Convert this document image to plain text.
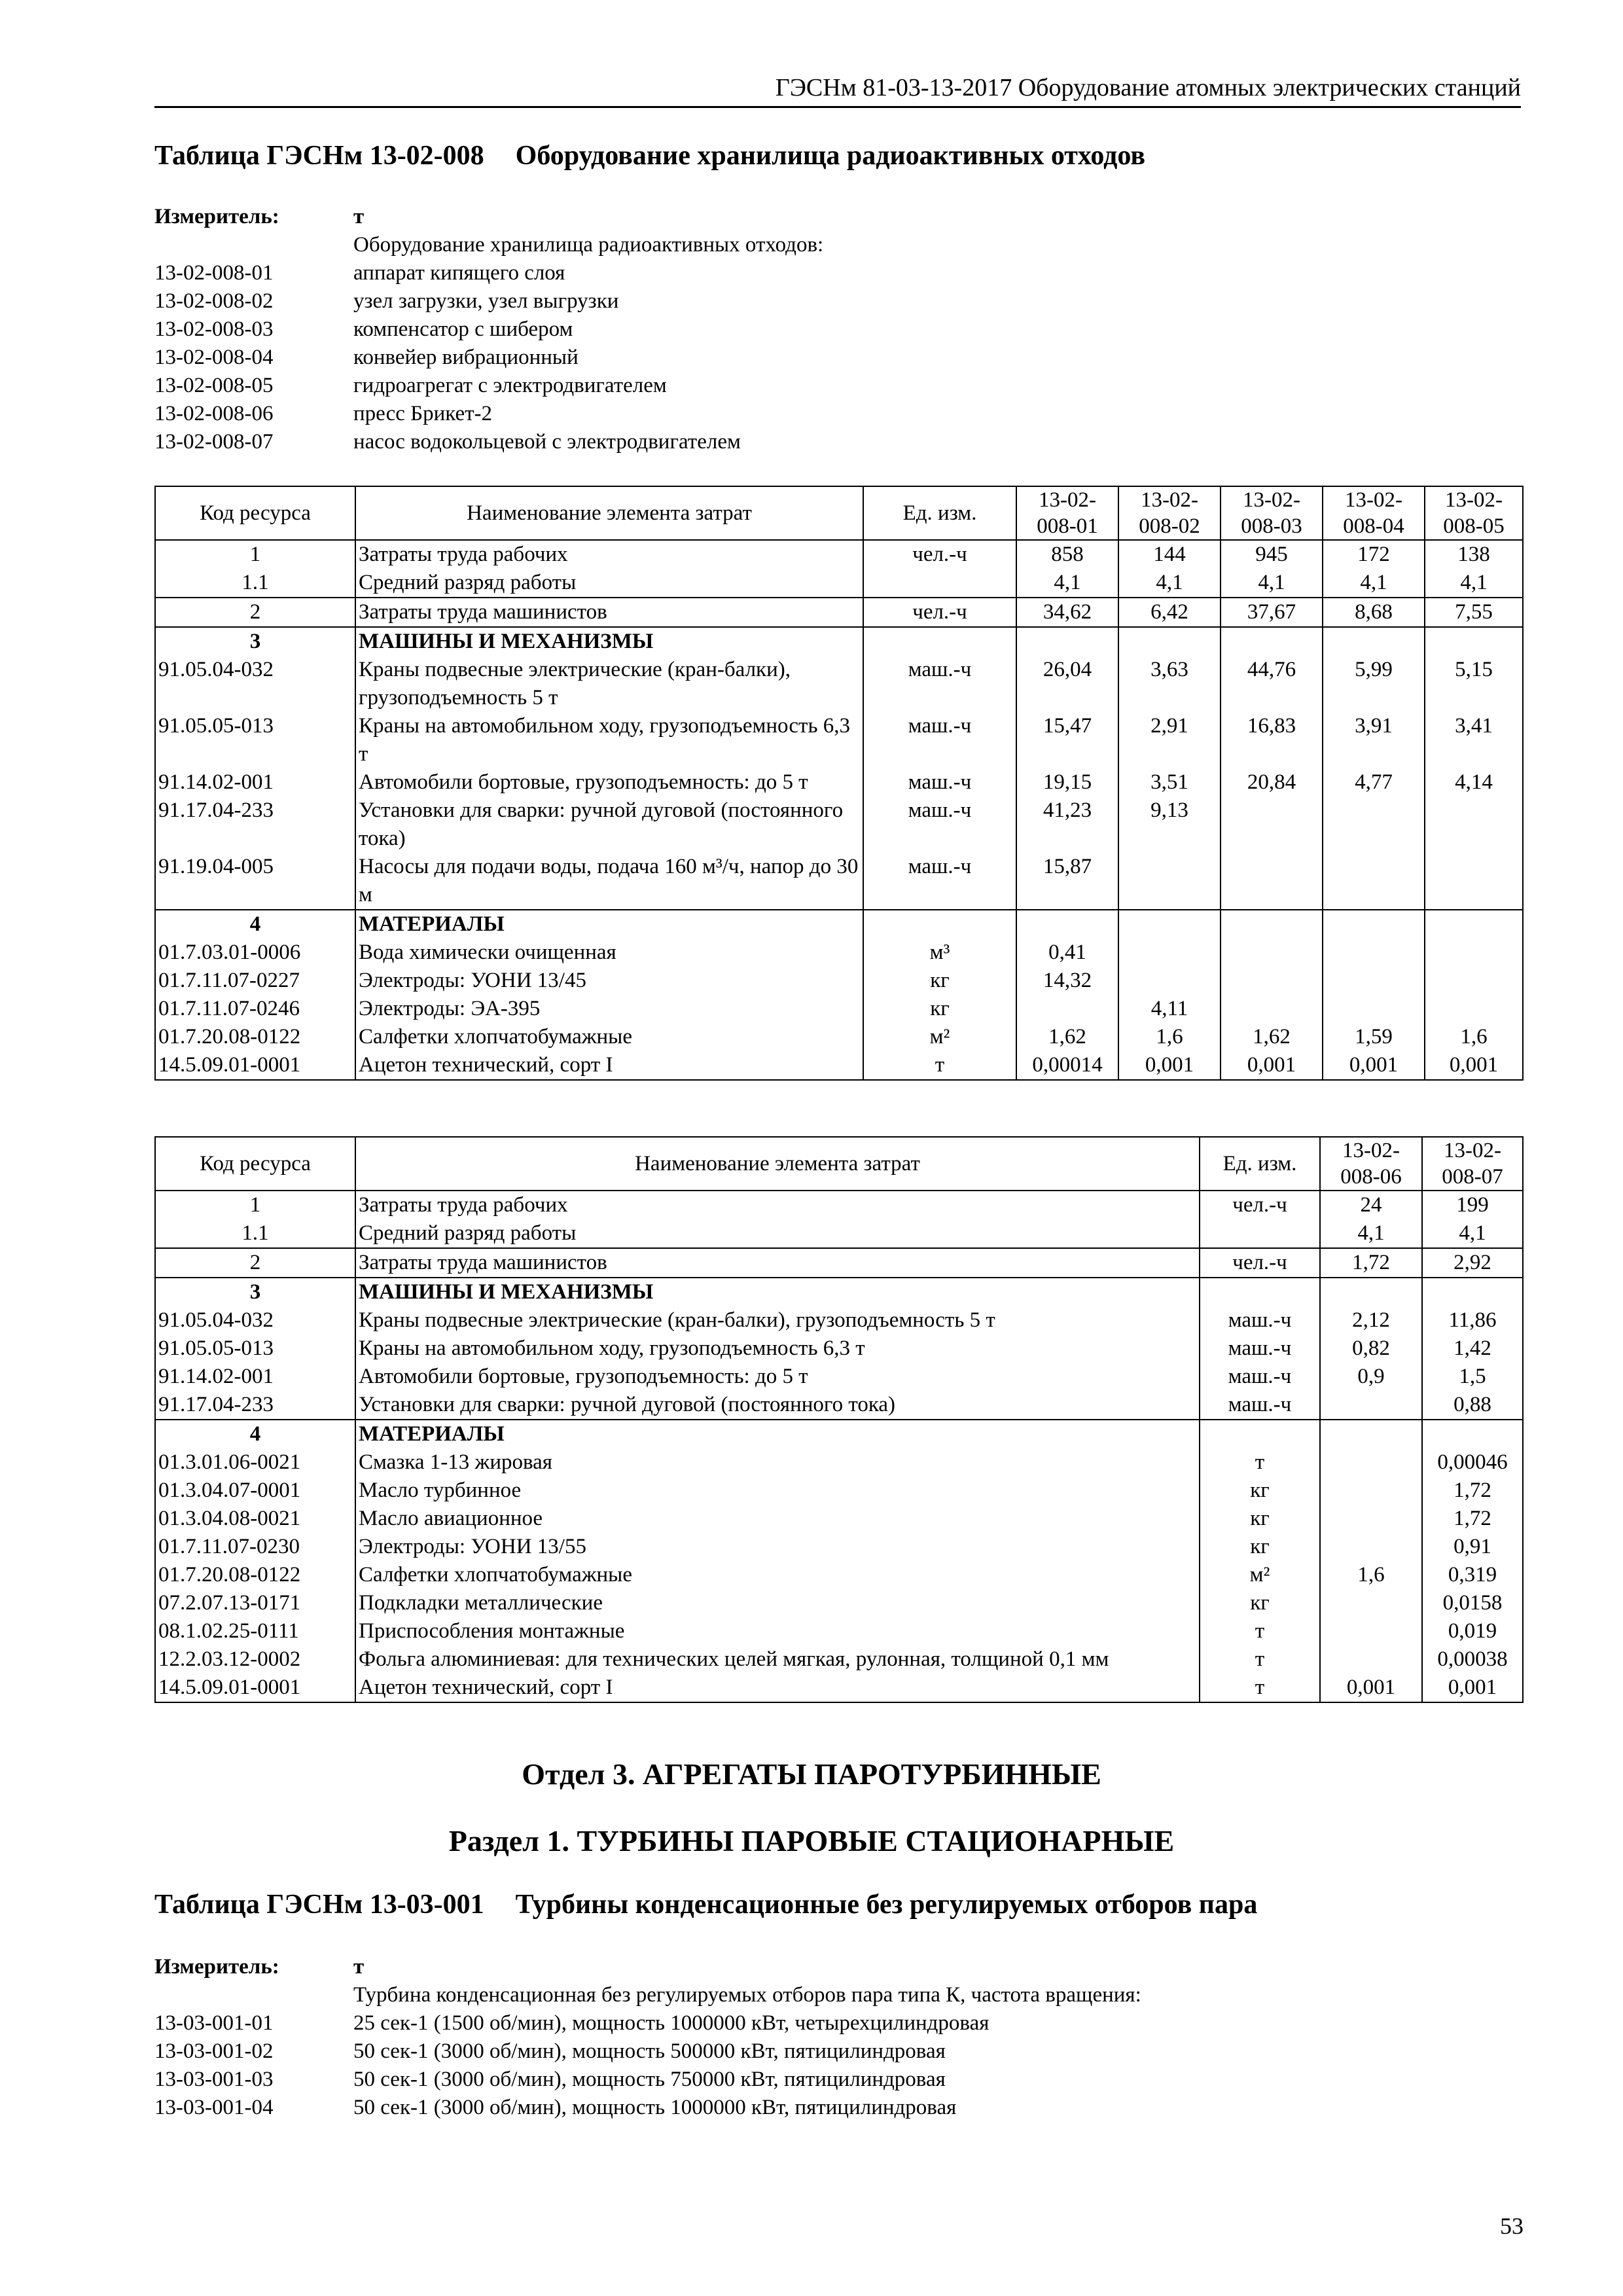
ГЭСНм 81-03-13-2017 Оборудование атомных электрических станций
Таблица ГЭСНм 13-02-008 Оборудование хранилища радиоактивных отходов
Измеритель:	т
Оборудование хранилища радиоактивных отходов:
13-02-008-01	аппарат кипящего слоя
13-02-008-02	узел загрузки, узел выгрузки
13-02-008-03	компенсатор с шибером
13-02-008-04	конвейер вибрационный
13-02-008-05	гидроагрегат с электродвигателем
13-02-008-06	пресс Брикет-2
13-02-008-07	насос водокольцевой с электродвигателем
Код ресурса	Наименование элемента затрат	Ед. изм.	13-02-008-01	13-02-008-02	13-02-008-03	13-02-008-04	13-02-008-05
1	Затраты труда рабочих	чел.-ч	858	144	945	172	138
1.1	Средний разряд работы		4,1	4,1	4,1	4,1	4,1
2	Затраты труда машинистов	чел.-ч	34,62	6,42	37,67	8,68	7,55
3	МАШИНЫ И МЕХАНИЗМЫ						
91.05.04-032	Краны подвесные электрические (кран-балки), грузоподъемность 5 т	маш.-ч	26,04	3,63	44,76	5,99	5,15
91.05.05-013	Краны на автомобильном ходу, грузоподъемность 6,3 т	маш.-ч	15,47	2,91	16,83	3,91	3,41
91.14.02-001	Автомобили бортовые, грузоподъемность: до 5 т	маш.-ч	19,15	3,51	20,84	4,77	4,14
91.17.04-233	Установки для сварки: ручной дуговой (постоянного тока)	маш.-ч	41,23	9,13			
91.19.04-005	Насосы для подачи воды, подача 160 м³/ч, напор до 30 м	маш.-ч	15,87				
4	МАТЕРИАЛЫ						
01.7.03.01-0006	Вода химически очищенная	м³	0,41				
01.7.11.07-0227	Электроды: УОНИ 13/45	кг	14,32				
01.7.11.07-0246	Электроды: ЭА-395	кг		4,11			
01.7.20.08-0122	Салфетки хлопчатобумажные	м²	1,62	1,6	1,62	1,59	1,6
14.5.09.01-0001	Ацетон технический, сорт I	т	0,00014	0,001	0,001	0,001	0,001
Код ресурса	Наименование элемента затрат	Ед. изм.	13-02-008-06	13-02-008-07
1	Затраты труда рабочих	чел.-ч	24	199
1.1	Средний разряд работы		4,1	4,1
2	Затраты труда машинистов	чел.-ч	1,72	2,92
3	МАШИНЫ И МЕХАНИЗМЫ			
91.05.04-032	Краны подвесные электрические (кран-балки), грузоподъемность 5 т	маш.-ч	2,12	11,86
91.05.05-013	Краны на автомобильном ходу, грузоподъемность 6,3 т	маш.-ч	0,82	1,42
91.14.02-001	Автомобили бортовые, грузоподъемность: до 5 т	маш.-ч	0,9	1,5
91.17.04-233	Установки для сварки: ручной дуговой (постоянного тока)	маш.-ч		0,88
4	МАТЕРИАЛЫ			
01.3.01.06-0021	Смазка 1-13 жировая	т		0,00046
01.3.04.07-0001	Масло турбинное	кг		1,72
01.3.04.08-0021	Масло авиационное	кг		1,72
01.7.11.07-0230	Электроды: УОНИ 13/55	кг		0,91
01.7.20.08-0122	Салфетки хлопчатобумажные	м²	1,6	0,319
07.2.07.13-0171	Подкладки металлические	кг		0,0158
08.1.02.25-0111	Приспособления монтажные	т		0,019
12.2.03.12-0002	Фольга алюминиевая: для технических целей мягкая, рулонная, толщиной 0,1 мм	т		0,00038
14.5.09.01-0001	Ацетон технический, сорт I	т	0,001	0,001
Отдел 3. АГРЕГАТЫ ПАРОТУРБИННЫЕ
Раздел 1. ТУРБИНЫ ПАРОВЫЕ СТАЦИОНАРНЫЕ
Таблица ГЭСНм 13-03-001 Турбины конденсационные без регулируемых отборов пара
Измеритель:	т
Турбина конденсационная без регулируемых отборов пара типа К, частота вращения:
13-03-001-01	25 сек-1 (1500 об/мин), мощность 1000000 кВт, четырехцилиндровая
13-03-001-02	50 сек-1 (3000 об/мин), мощность 500000 кВт, пятицилиндровая
13-03-001-03	50 сек-1 (3000 об/мин), мощность 750000 кВт, пятицилиндровая
13-03-001-04	50 сек-1 (3000 об/мин), мощность 1000000 кВт, пятицилиндровая
53
